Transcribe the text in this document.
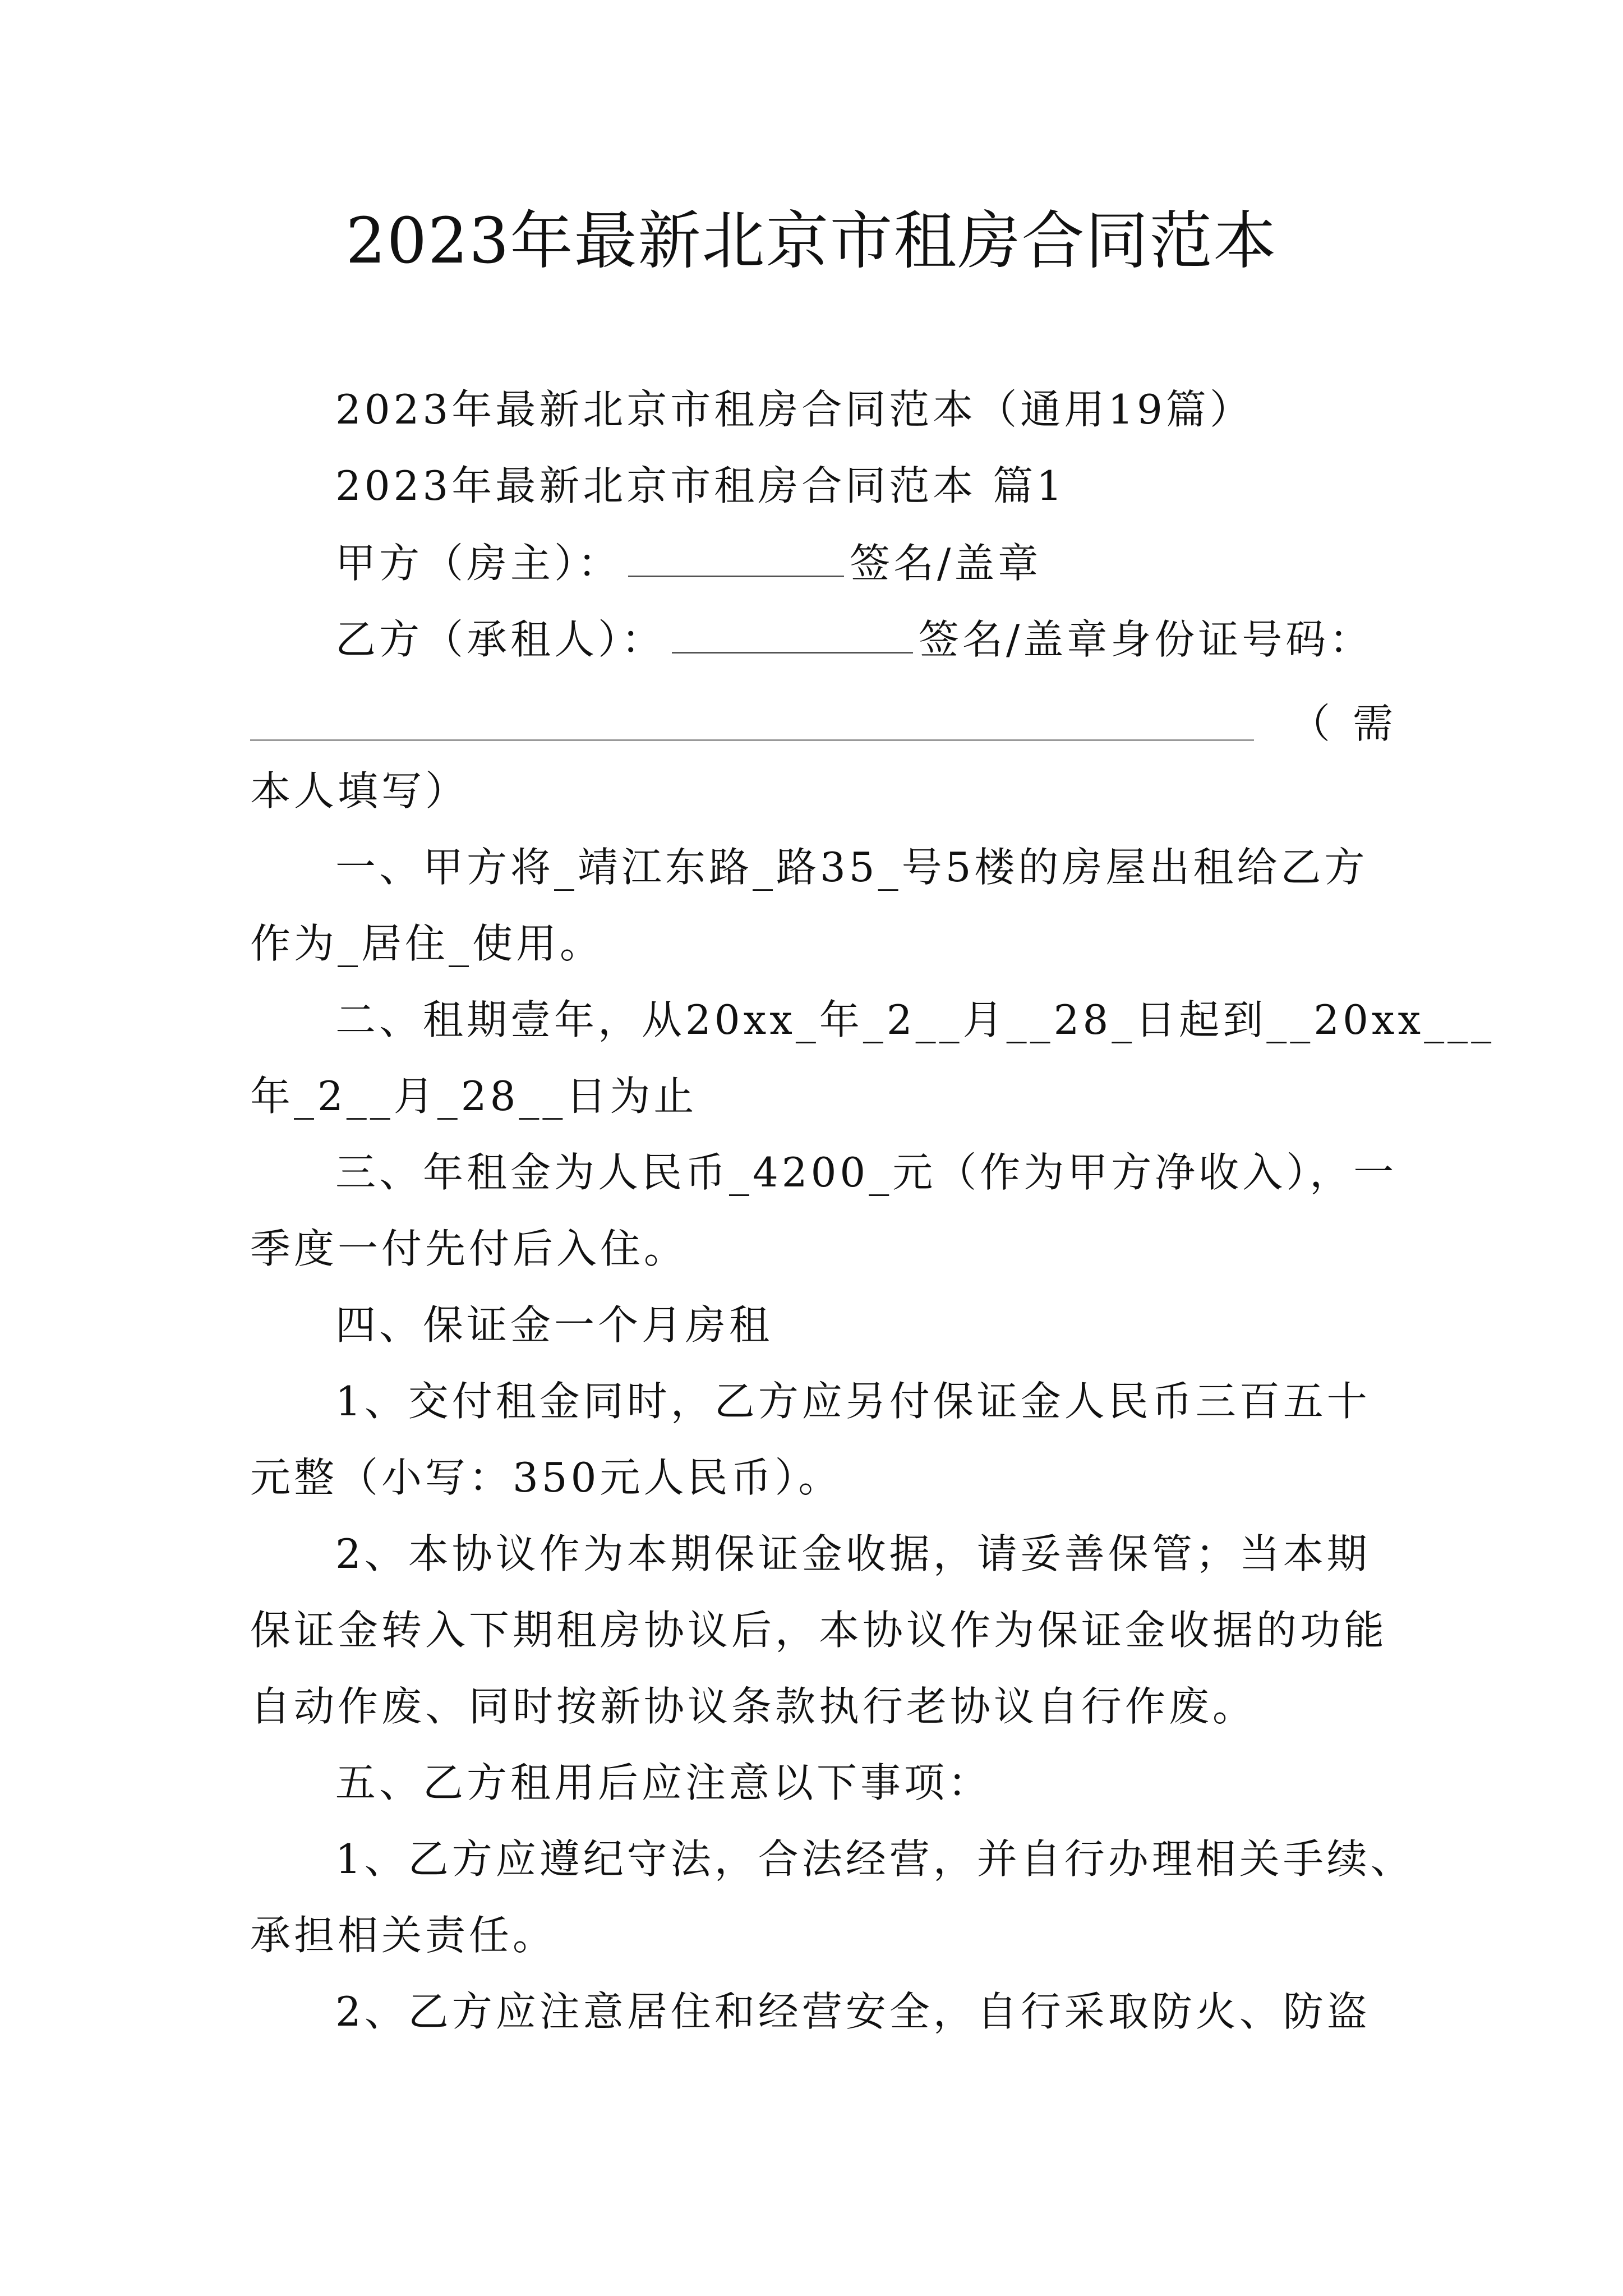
2023年最新北京市租房合同范本
2023年最新北京市租房合同范本（通用19篇）
2023年最新北京市租房合同范本 篇1
甲方（房主）：	签名/盖章
乙方（承租人）：	签名/盖章身份证号码：
（需
本人填写）
一、甲方将_靖江东路_路35_号5楼的房屋出租给乙方
作为_居住_使用。
二、租期壹年，从20xx_年_2__月__28_日起到__20xx___
年_2__月_28__日为止
三、年租金为人民币_4200_元（作为甲方净收入），一
季度一付先付后入住。
四、保证金一个月房租
1、交付租金同时，乙方应另付保证金人民币三百五十
元整（小写：350元人民币）。
2、本协议作为本期保证金收据，请妥善保管；当本期
保证金转入下期租房协议后，本协议作为保证金收据的功能
自动作废、同时按新协议条款执行老协议自行作废。
五、乙方租用后应注意以下事项：
1、乙方应遵纪守法，合法经营，并自行办理相关手续、
承担相关责任。
2、乙方应注意居住和经营安全，自行采取防火、防盗
